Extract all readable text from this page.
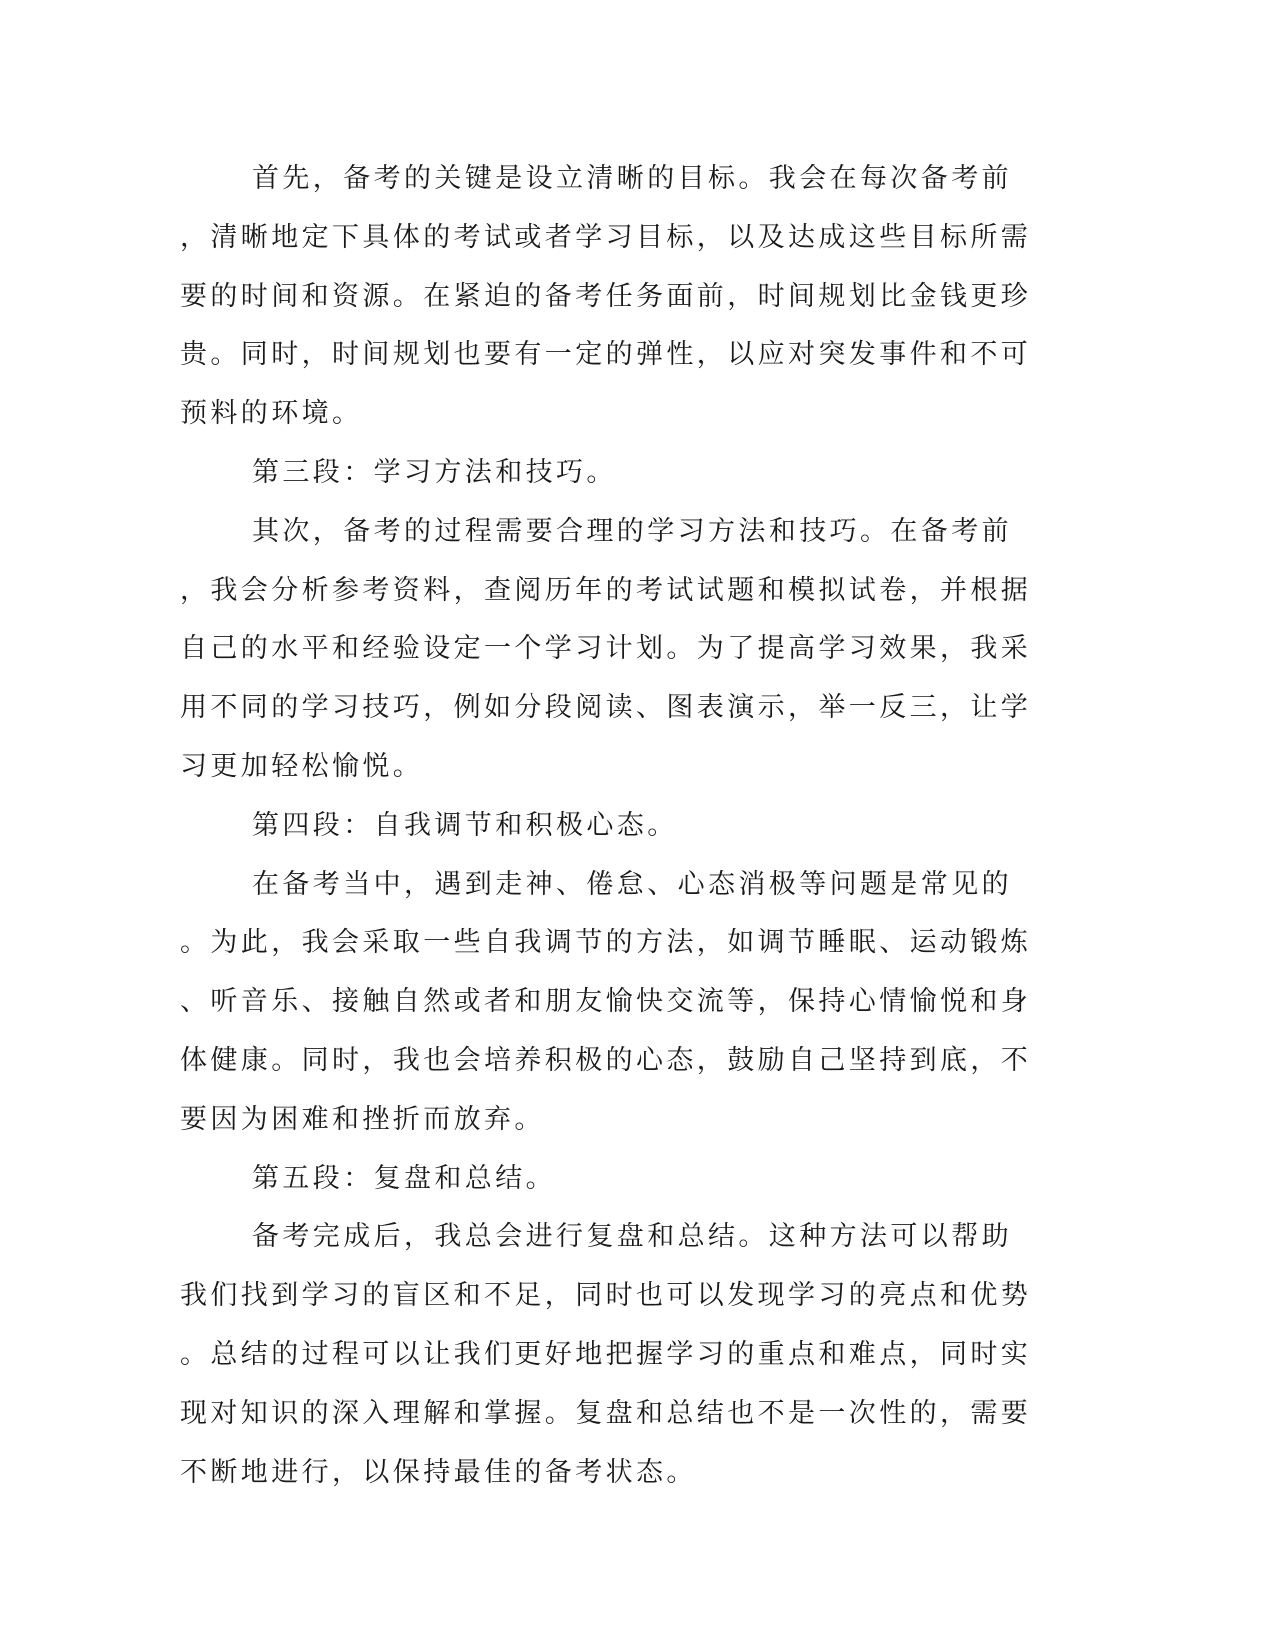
首先，备考的关键是设立清晰的目标。我会在每次备考前，清晰地定下具体的考试或者学习目标，以及达成这些目标所需要的时间和资源。在紧迫的备考任务面前，时间规划比金钱更珍贵。同时，时间规划也要有一定的弹性，以应对突发事件和不可预料的环境。

第三段：学习方法和技巧。

其次，备考的过程需要合理的学习方法和技巧。在备考前，我会分析参考资料，查阅历年的考试试题和模拟试卷，并根据自己的水平和经验设定一个学习计划。为了提高学习效果，我采用不同的学习技巧，例如分段阅读、图表演示，举一反三，让学习更加轻松愉悦。

第四段：自我调节和积极心态。

在备考当中，遇到走神、倦怠、心态消极等问题是常见的。为此，我会采取一些自我调节的方法，如调节睡眠、运动锻炼、听音乐、接触自然或者和朋友愉快交流等，保持心情愉悦和身体健康。同时，我也会培养积极的心态，鼓励自己坚持到底，不要因为困难和挫折而放弃。

第五段：复盘和总结。

备考完成后，我总会进行复盘和总结。这种方法可以帮助我们找到学习的盲区和不足，同时也可以发现学习的亮点和优势。总结的过程可以让我们更好地把握学习的重点和难点，同时实现对知识的深入理解和掌握。复盘和总结也不是一次性的，需要不断地进行，以保持最佳的备考状态。
